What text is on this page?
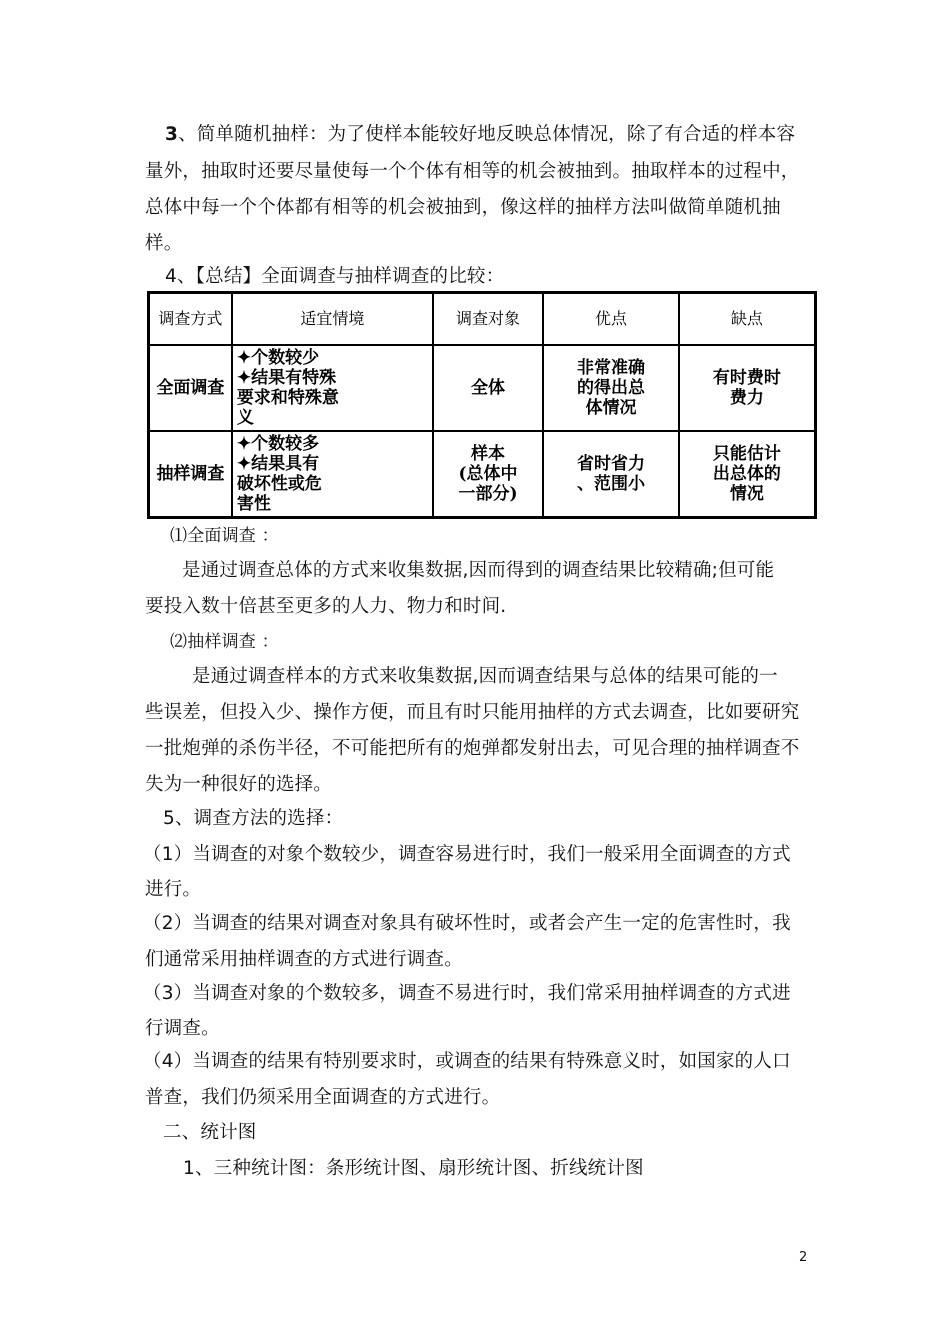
3、简单随机抽样：为了使样本能较好地反映总体情况，除了有合适的样本容
量外，抽取时还要尽量使每一个个体有相等的机会被抽到。抽取样本的过程中，
总体中每一个个体都有相等的机会被抽到，像这样的抽样方法叫做简单随机抽
样。
4、【总结】全面调查与抽样调查的比较：
调查方式	适宜情境	调查对象	优点	缺点
全面调查	✦个数较少
✦结果有特殊
要求和特殊意
义	全体	非常准确
的得出总
体情况	有时费时
费力

抽样调查	✦个数较多
✦结果具有
破坏性或危
害性	样本
(总体中
一部分)	省时省力
、范围小	只能估计
出总体的
情况
⑴全面调查 ：
是通过调查总体的方式来收集数据,因而得到的调查结果比较精确;但可能
要投入数十倍甚至更多的人力、物力和时间.
⑵抽样调查 ：
是通过调查样本的方式来收集数据,因而调查结果与总体的结果可能的一
些误差，但投入少、操作方便，而且有时只能用抽样的方式去调查，比如要研究
一批炮弹的杀伤半径，不可能把所有的炮弹都发射出去，可见合理的抽样调查不
失为一种很好的选择。
5、调查方法的选择：
（1）当调查的对象个数较少，调查容易进行时，我们一般采用全面调查的方式
进行。
（2）当调查的结果对调查对象具有破坏性时，或者会产生一定的危害性时，我
们通常采用抽样调查的方式进行调查。
（3）当调查对象的个数较多，调查不易进行时，我们常采用抽样调查的方式进
行调查。
（4）当调查的结果有特别要求时，或调查的结果有特殊意义时，如国家的人口
普查，我们仍须采用全面调查的方式进行。
二、统计图
1、三种统计图：条形统计图、扇形统计图、折线统计图
2
